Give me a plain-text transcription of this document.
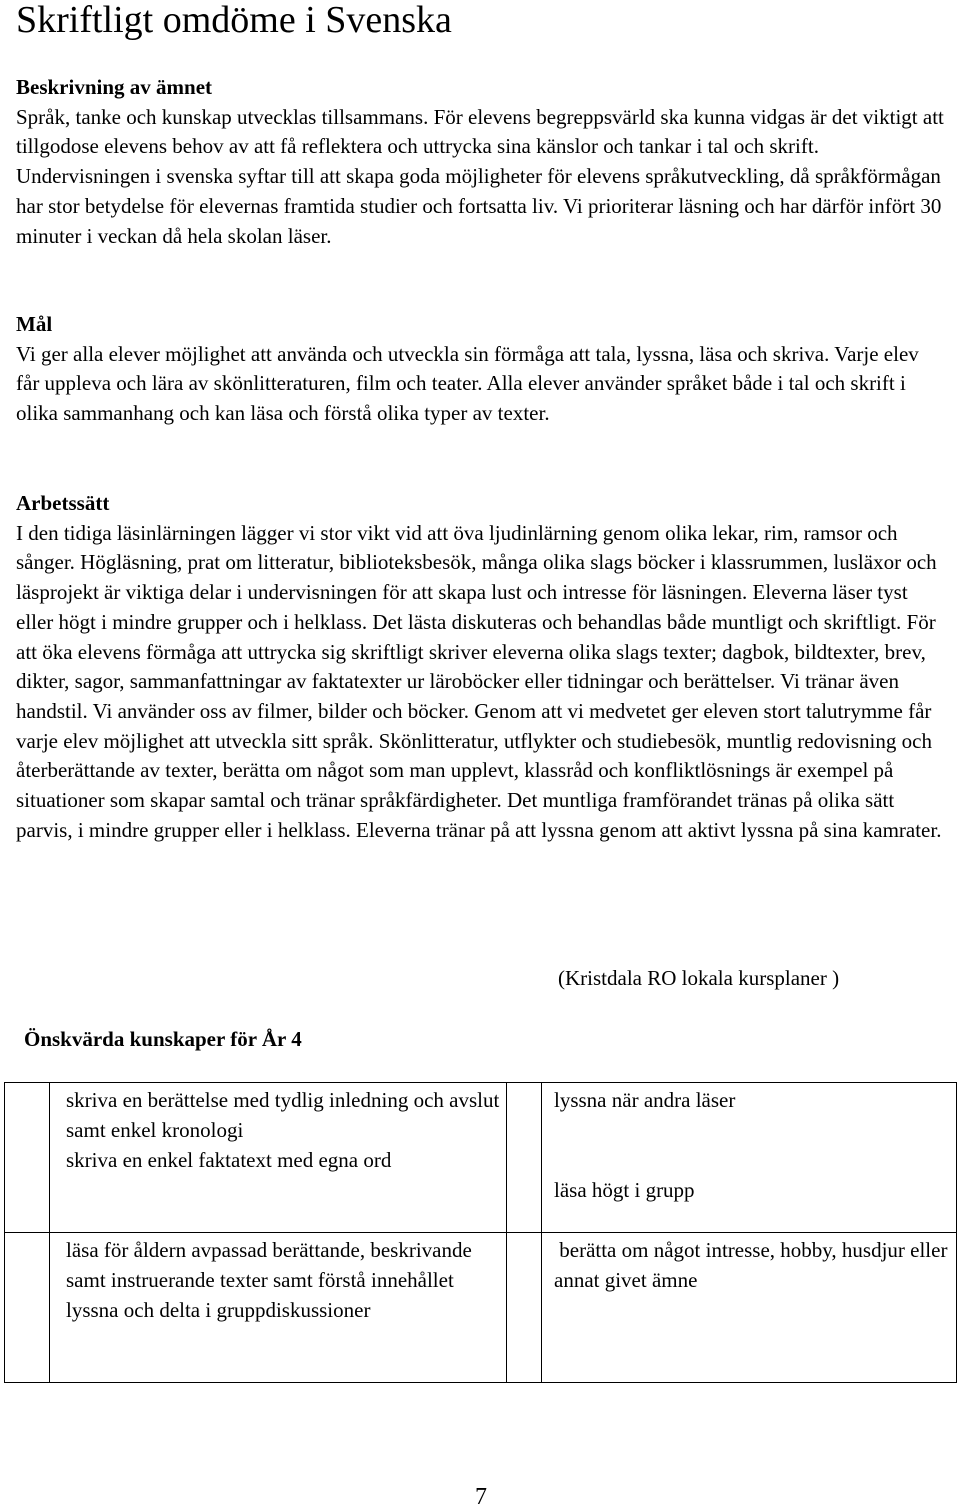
Skriftligt omdöme i Svenska
Beskrivning av ämnet

Språk, tanke och kunskap utvecklas tillsammans. För elevens begreppsvärld ska kunna vidgas är det viktigt att tillgodose elevens behov av att få reflektera och uttrycka sina känslor och tankar i tal och skrift. Undervisningen i svenska syftar till att skapa goda möjligheter för elevens språkutveckling, då språkförmågan har stor betydelse för elevernas framtida studier och fortsatta liv. Vi prioriterar läsning och har därför infört 30 minuter i veckan då hela skolan läser.

Mål

Vi ger alla elever möjlighet att använda och utveckla sin förmåga att tala, lyssna, läsa och skriva. Varje elev får uppleva och lära av skönlitteraturen, film och teater. Alla elever använder språket både i tal och skrift i olika sammanhang och kan läsa och förstå olika typer av texter.

Arbetssätt

I den tidiga läsinlärningen lägger vi stor vikt vid att öva ljudinlärning genom olika lekar, rim, ramsor och sånger. Högläsning, prat om litteratur, biblioteksbesök, många olika slags böcker i klassrummen, lusläxor och läsprojekt är viktiga delar i undervisningen för att skapa lust och intresse för läsningen. Eleverna läser tyst eller högt i mindre grupper och i helklass. Det lästa diskuteras och behandlas både muntligt och skriftligt. För att öka elevens förmåga att uttrycka sig skriftligt skriver eleverna olika slags texter; dagbok, bildtexter, brev, dikter, sagor, sammanfattningar av faktatexter ur läroböcker eller tidningar och berättelser. Vi tränar även handstil. Vi använder oss av filmer, bilder och böcker. Genom att vi medvetet ger eleven stort talutrymme får varje elev möjlighet att utveckla sitt språk. Skönlitteratur, utflykter och studiebesök, muntlig redovisning och återberättande av texter, berätta om något som man upplevt, klassråd och konfliktlösnings är exempel på situationer som skapar samtal och tränar språkfärdigheter. Det muntliga framförandet tränas på olika sätt parvis, i mindre grupper eller i helklass. Eleverna tränar på att lyssna genom att aktivt lyssna på sina kamrater.

(Kristdala RO lokala kursplaner )
Önskvärda kunskaper för År 4

	skriva en berättelse med tydlig inledning och avslut samt enkel kronologi
skriva en enkel faktatext med egna ord		lyssna när andra läser
läsa högt i grupp

	läsa för åldern avpassad berättande, beskrivande samt instruerande texter samt förstå innehållet
lyssna och delta i gruppdiskussioner		berätta om något intresse, hobby, husdjur eller annat givet ämne
7
